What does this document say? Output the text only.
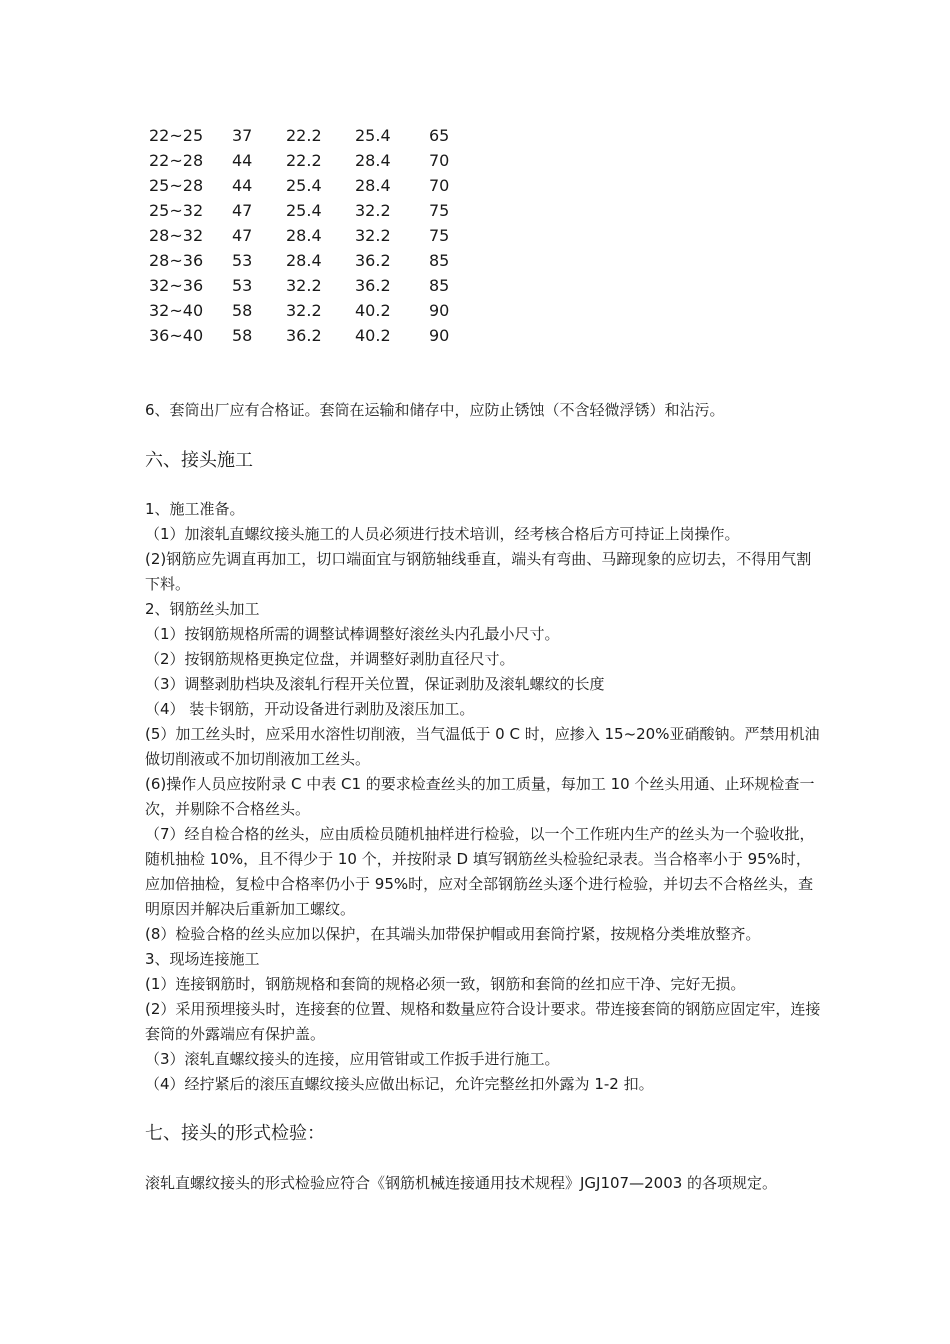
22~25	37	22.2	25.4	65
22~28	44	22.2	28.4	70
25~28	44	25.4	28.4	70
25~32	47	25.4	32.2	75
28~32	47	28.4	32.2	75
28~36	53	28.4	36.2	85
32~36	53	32.2	36.2	85
32~40	58	32.2	40.2	90
36~40	58	36.2	40.2	90

6、套筒出厂应有合格证。套筒在运输和储存中，应防止锈蚀（不含轻微浮锈）和沾污。

六、接头施工

1、施工准备。

（1）加滚轧直螺纹接头施工的人员必须进行技术培训，经考核合格后方可持证上岗操作。

(2)钢筋应先调直再加工，切口端面宜与钢筋轴线垂直，端头有弯曲、马蹄现象的应切去，不得用气割下料。

2、钢筋丝头加工

（1）按钢筋规格所需的调整试棒调整好滚丝头内孔最小尺寸。

（2）按钢筋规格更换定位盘，并调整好剥肋直径尺寸。

（3）调整剥肋档块及滚轧行程开关位置，保证剥肋及滚轧螺纹的长度

（4） 装卡钢筋，开动设备进行剥肋及滚压加工。

(5）加工丝头时，应采用水溶性切削液，当气温低于 0 C 时，应掺入 15~20%亚硝酸钠。严禁用机油做切削液或不加切削液加工丝头。

(6)操作人员应按附录 C 中表 C1 的要求检查丝头的加工质量，每加工 10 个丝头用通、止环规检查一次，并剔除不合格丝头。

（7）经自检合格的丝头，应由质检员随机抽样进行检验，以一个工作班内生产的丝头为一个验收批，随机抽检 10%，且不得少于 10 个，并按附录 D 填写钢筋丝头检验纪录表。当合格率小于 95%时，应加倍抽检，复检中合格率仍小于 95%时，应对全部钢筋丝头逐个进行检验，并切去不合格丝头，查明原因并解决后重新加工螺纹。

(8）检验合格的丝头应加以保护，在其端头加带保护帽或用套筒拧紧，按规格分类堆放整齐。

3、现场连接施工

(1）连接钢筋时，钢筋规格和套筒的规格必须一致，钢筋和套筒的丝扣应干净、完好无损。

(2）采用预埋接头时，连接套的位置、规格和数量应符合设计要求。带连接套筒的钢筋应固定牢，连接套筒的外露端应有保护盖。

（3）滚轧直螺纹接头的连接，应用管钳或工作扳手进行施工。

（4）经拧紧后的滚压直螺纹接头应做出标记，允许完整丝扣外露为 1-2 扣。

七、接头的形式检验：

滚轧直螺纹接头的形式检验应符合《钢筋机械连接通用技术规程》JGJ107—2003 的各项规定。
